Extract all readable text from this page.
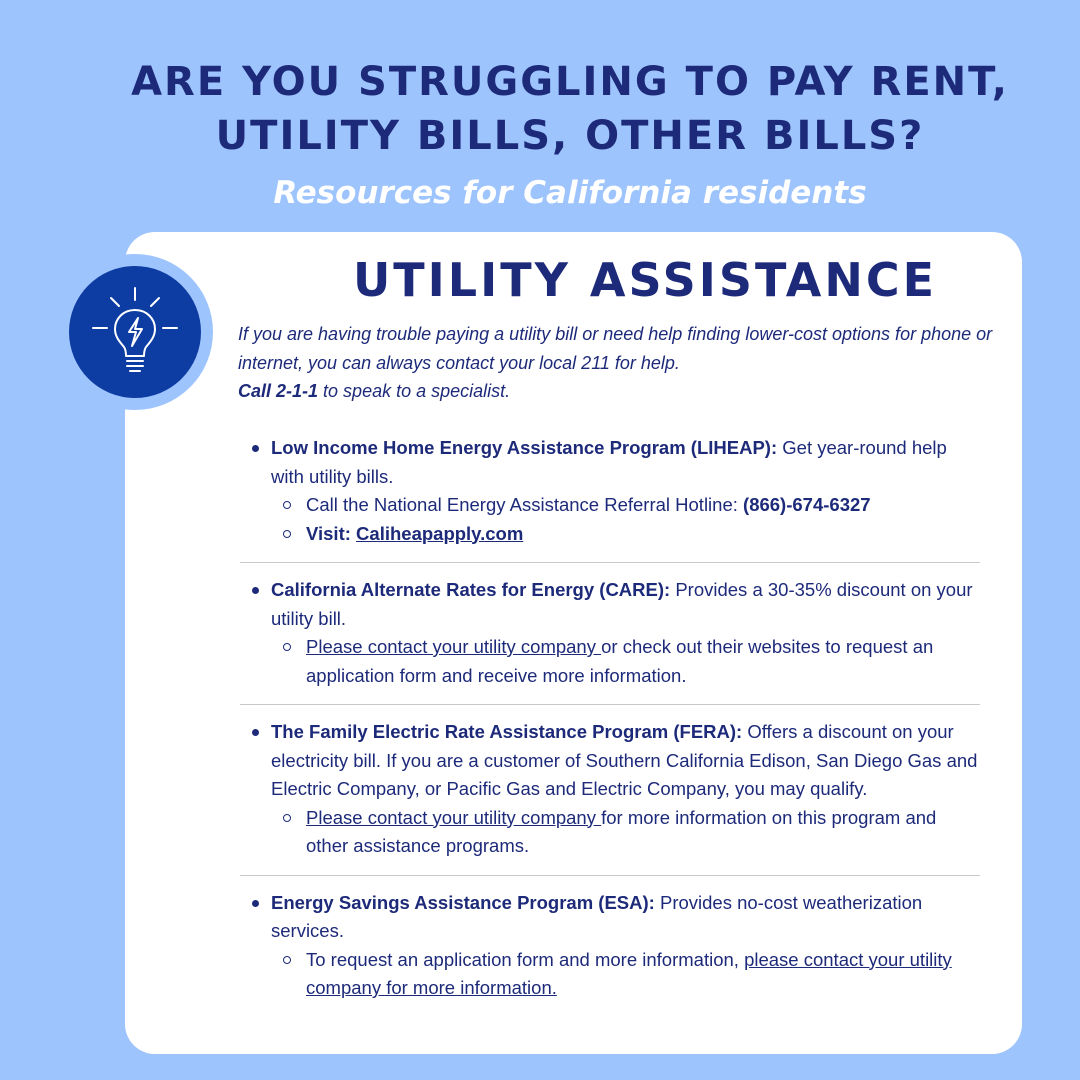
ARE YOU STRUGGLING TO PAY RENT,
UTILITY BILLS, OTHER BILLS?
Resources for California residents
UTILITY ASSISTANCE
If you are having trouble paying a utility bill or need help finding lower-cost options for phone or internet, you can always contact your local 211 for help.
Call 2-1-1 to speak to a specialist.
Low Income Home Energy Assistance Program (LIHEAP): Get year-round help with utility bills.
Call the National Energy Assistance Referral Hotline: (866)-674-6327
Visit: Caliheapapply.com
California Alternate Rates for Energy (CARE): Provides a 30-35% discount on your utility bill.
Please contact your utility company or check out their websites to request an application form and receive more information.
The Family Electric Rate Assistance Program (FERA): Offers a discount on your electricity bill. If you are a customer of Southern California Edison, San Diego Gas and Electric Company, or Pacific Gas and Electric Company, you may qualify.
Please contact your utility company for more information on this program and other assistance programs.
Energy Savings Assistance Program (ESA): Provides no-cost weatherization services.
To request an application form and more information, please contact your utility company for more information.
